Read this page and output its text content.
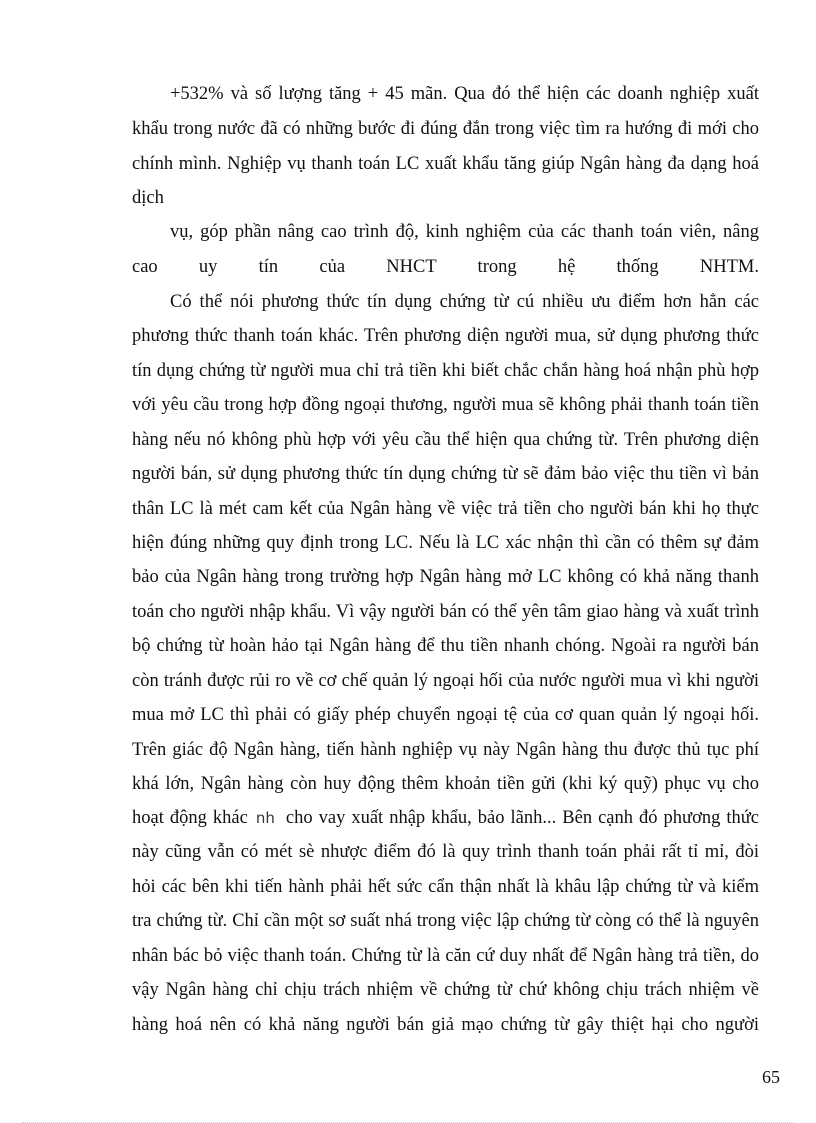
+532% và số lượng tăng + 45 mãn. Qua đó thể hiện các doanh nghiệp xuất
khẩu trong nước đã có những bước đi đúng đắn trong việc tìm ra hướng đi mới cho
chính mình. Nghiệp vụ thanh toán LC xuất khẩu tăng giúp Ngân hàng đa dạng hoá
dịch
vụ, góp phần nâng cao trình độ, kinh nghiệm của các thanh toán viên, nâng
cao uy tín của NHCT trong hệ thống NHTM.
Có thể nói phương thức tín dụng chứng từ cú nhiều ưu điểm hơn hẳn các
phương thức thanh toán khác. Trên phương diện người mua, sử dụng phương thức
tín dụng chứng từ người mua chỉ trả tiền khi biết chắc chắn hàng hoá nhận phù hợp
với yêu cầu trong hợp đồng ngoại thương, người mua sẽ không phải thanh toán tiền
hàng nếu nó không phù hợp với yêu cầu thể hiện qua chứng từ. Trên phương diện
người bán, sử dụng phương thức tín dụng chứng từ sẽ đảm bảo việc thu tiền vì bản
thân LC là mét cam kết của Ngân hàng về việc trả tiền cho người bán khi họ thực
hiện đúng những quy định trong LC. Nếu là LC xác nhận thì cần có thêm sự đảm
bảo của Ngân hàng trong trường hợp Ngân hàng mở LC không có khả năng thanh
toán cho người nhập khẩu. Vì vậy người bán có thể yên tâm giao hàng và xuất trình
bộ chứng từ hoàn hảo tại Ngân hàng để thu tiền nhanh chóng. Ngoài ra người bán
còn tránh được rủi ro về cơ chế quản lý ngoại hối của nước người mua vì khi người
mua mở LC thì phải có giấy phép chuyển ngoại tệ của cơ quan quản lý ngoại hối.
Trên giác độ Ngân hàng, tiến hành nghiệp vụ này Ngân hàng thu được thủ tục phí
khá lớn, Ngân hàng còn huy động thêm khoản tiền gửi (khi ký quỹ) phục vụ cho
hoạt động khác nh cho vay xuất nhập khẩu, bảo lãnh... Bên cạnh đó phương thức
này cũng vẫn có mét sè nhược điểm đó là quy trình thanh toán phải rất tỉ mỉ, đòi
hỏi các bên khi tiến hành phải hết sức cẩn thận nhất là khâu lập chứng từ và kiểm
tra chứng từ. Chỉ cần một sơ suất nhá trong việc lập chứng từ còng có thể là nguyên
nhân bác bỏ việc thanh toán. Chứng từ là căn cứ duy nhất để Ngân hàng trả tiền, do
vậy Ngân hàng chỉ chịu trách nhiệm về chứng từ chứ không chịu trách nhiệm về
hàng hoá nên có khả năng người bán giả mạo chứng từ gây thiệt hại cho người
65
